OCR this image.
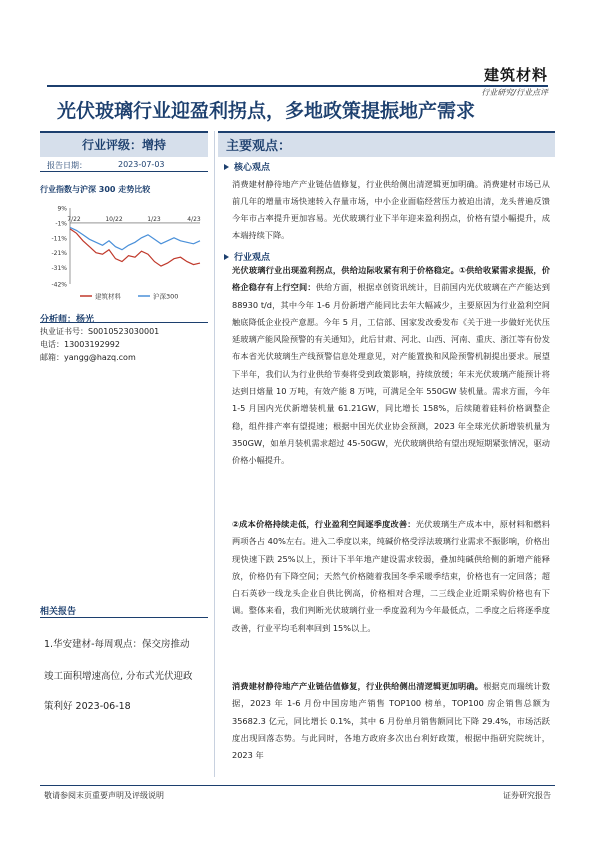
建筑材料
行业研究/行业点评
光伏玻璃行业迎盈利拐点，多地政策提振地产需求
行业评级：增持
报告日期：	2023-07-03
行业指数与沪深 300 走势比较
9%
-1%
-11%
-21%
-31%
-42%
7/22	10/22	1/23	4/23
建筑材料	沪深300
分析师：杨光
执业证书号：S0010523030001
电话：13003192992
邮箱：yangg@hazq.com
相关报告
1.华安建材-每周观点：保交房推动
竣工面积增速高位, 分布式光伏迎政
策利好 2023-06-18
主要观点：
核心观点
消费建材静待地产产业链估值修复，行业供给侧出清逻辑更加明确。消费建材市场已从前几年的增量市场快速转入存量市场，中小企业面临经营压力被迫出清，龙头普遍反馈今年市占率提升更加容易。光伏玻璃行业下半年迎来盈利拐点，价格有望小幅提升，成本端持续下降。
行业观点
光伏玻璃行业出现盈利拐点，供给边际收紧有利于价格稳定。①供给收紧需求提振，价格企稳存有上行空间：供给方面，根据卓创资讯统计，目前国内光伏玻璃在产产能达到 88930 t/d，其中今年 1-6 月份新增产能同比去年大幅减少，主要原因为行业盈利空间触底降低企业投产意愿。今年 5 月，工信部、国家发改委发布《关于进一步做好光伏压延玻璃产能风险预警的有关通知》，此后甘肃、河北、山西、河南、重庆、浙江等有份发布本省光伏玻璃生产线预警信息处理意见，对产能置换和风险预警机制提出要求。展望下半年，我们认为行业供给节奏将受到政策影响，持续放缓；年末光伏玻璃产能预计将达到日熔量 10 万吨，有效产能 8 万吨，可满足全年 550GW 装机量。需求方面，今年 1-5 月国内光伏新增装机量 61.21GW，同比增长 158%，后续随着硅料价格调整企稳，组件排产率有望提速；根据中国光伏业协会预测，2023 年全球光伏新增装机量为 350GW，如单月装机需求超过 45-50GW，光伏玻璃供给有望出现短期紧张情况，驱动价格小幅提升。
②成本价格持续走低，行业盈利空间逐季度改善：光伏玻璃生产成本中，原材料和燃料两项各占 40%左右。进入二季度以来，纯碱价格受浮法玻璃行业需求不振影响，价格出现快速下跌 25%以上，预计下半年地产建设需求较弱，叠加纯碱供给侧的新增产能释放，价格仍有下降空间；天然气价格随着我国冬季采暖季结束，价格也有一定回落；超白石英砂一线龙头企业自供比例高，价格相对合理，二三线企业近期采购价格也有下调。整体来看，我们判断光伏玻璃行业一季度盈利为今年最低点，二季度之后将逐季度改善，行业平均毛利率回到 15%以上。
消费建材静待地产产业链估值修复，行业供给侧出清逻辑更加明确。根据克而瑞统计数据，2023 年 1-6 月份中国房地产销售 TOP100 榜单，TOP100 房企销售总额为 35682.3 亿元，同比增长 0.1%，其中 6 月份单月销售额同比下降 29.4%，市场活跃度出现回落态势。与此同时，各地方政府多次出台利好政策，根据中指研究院统计，2023 年
敬请参阅末页重要声明及评级说明	证券研究报告
